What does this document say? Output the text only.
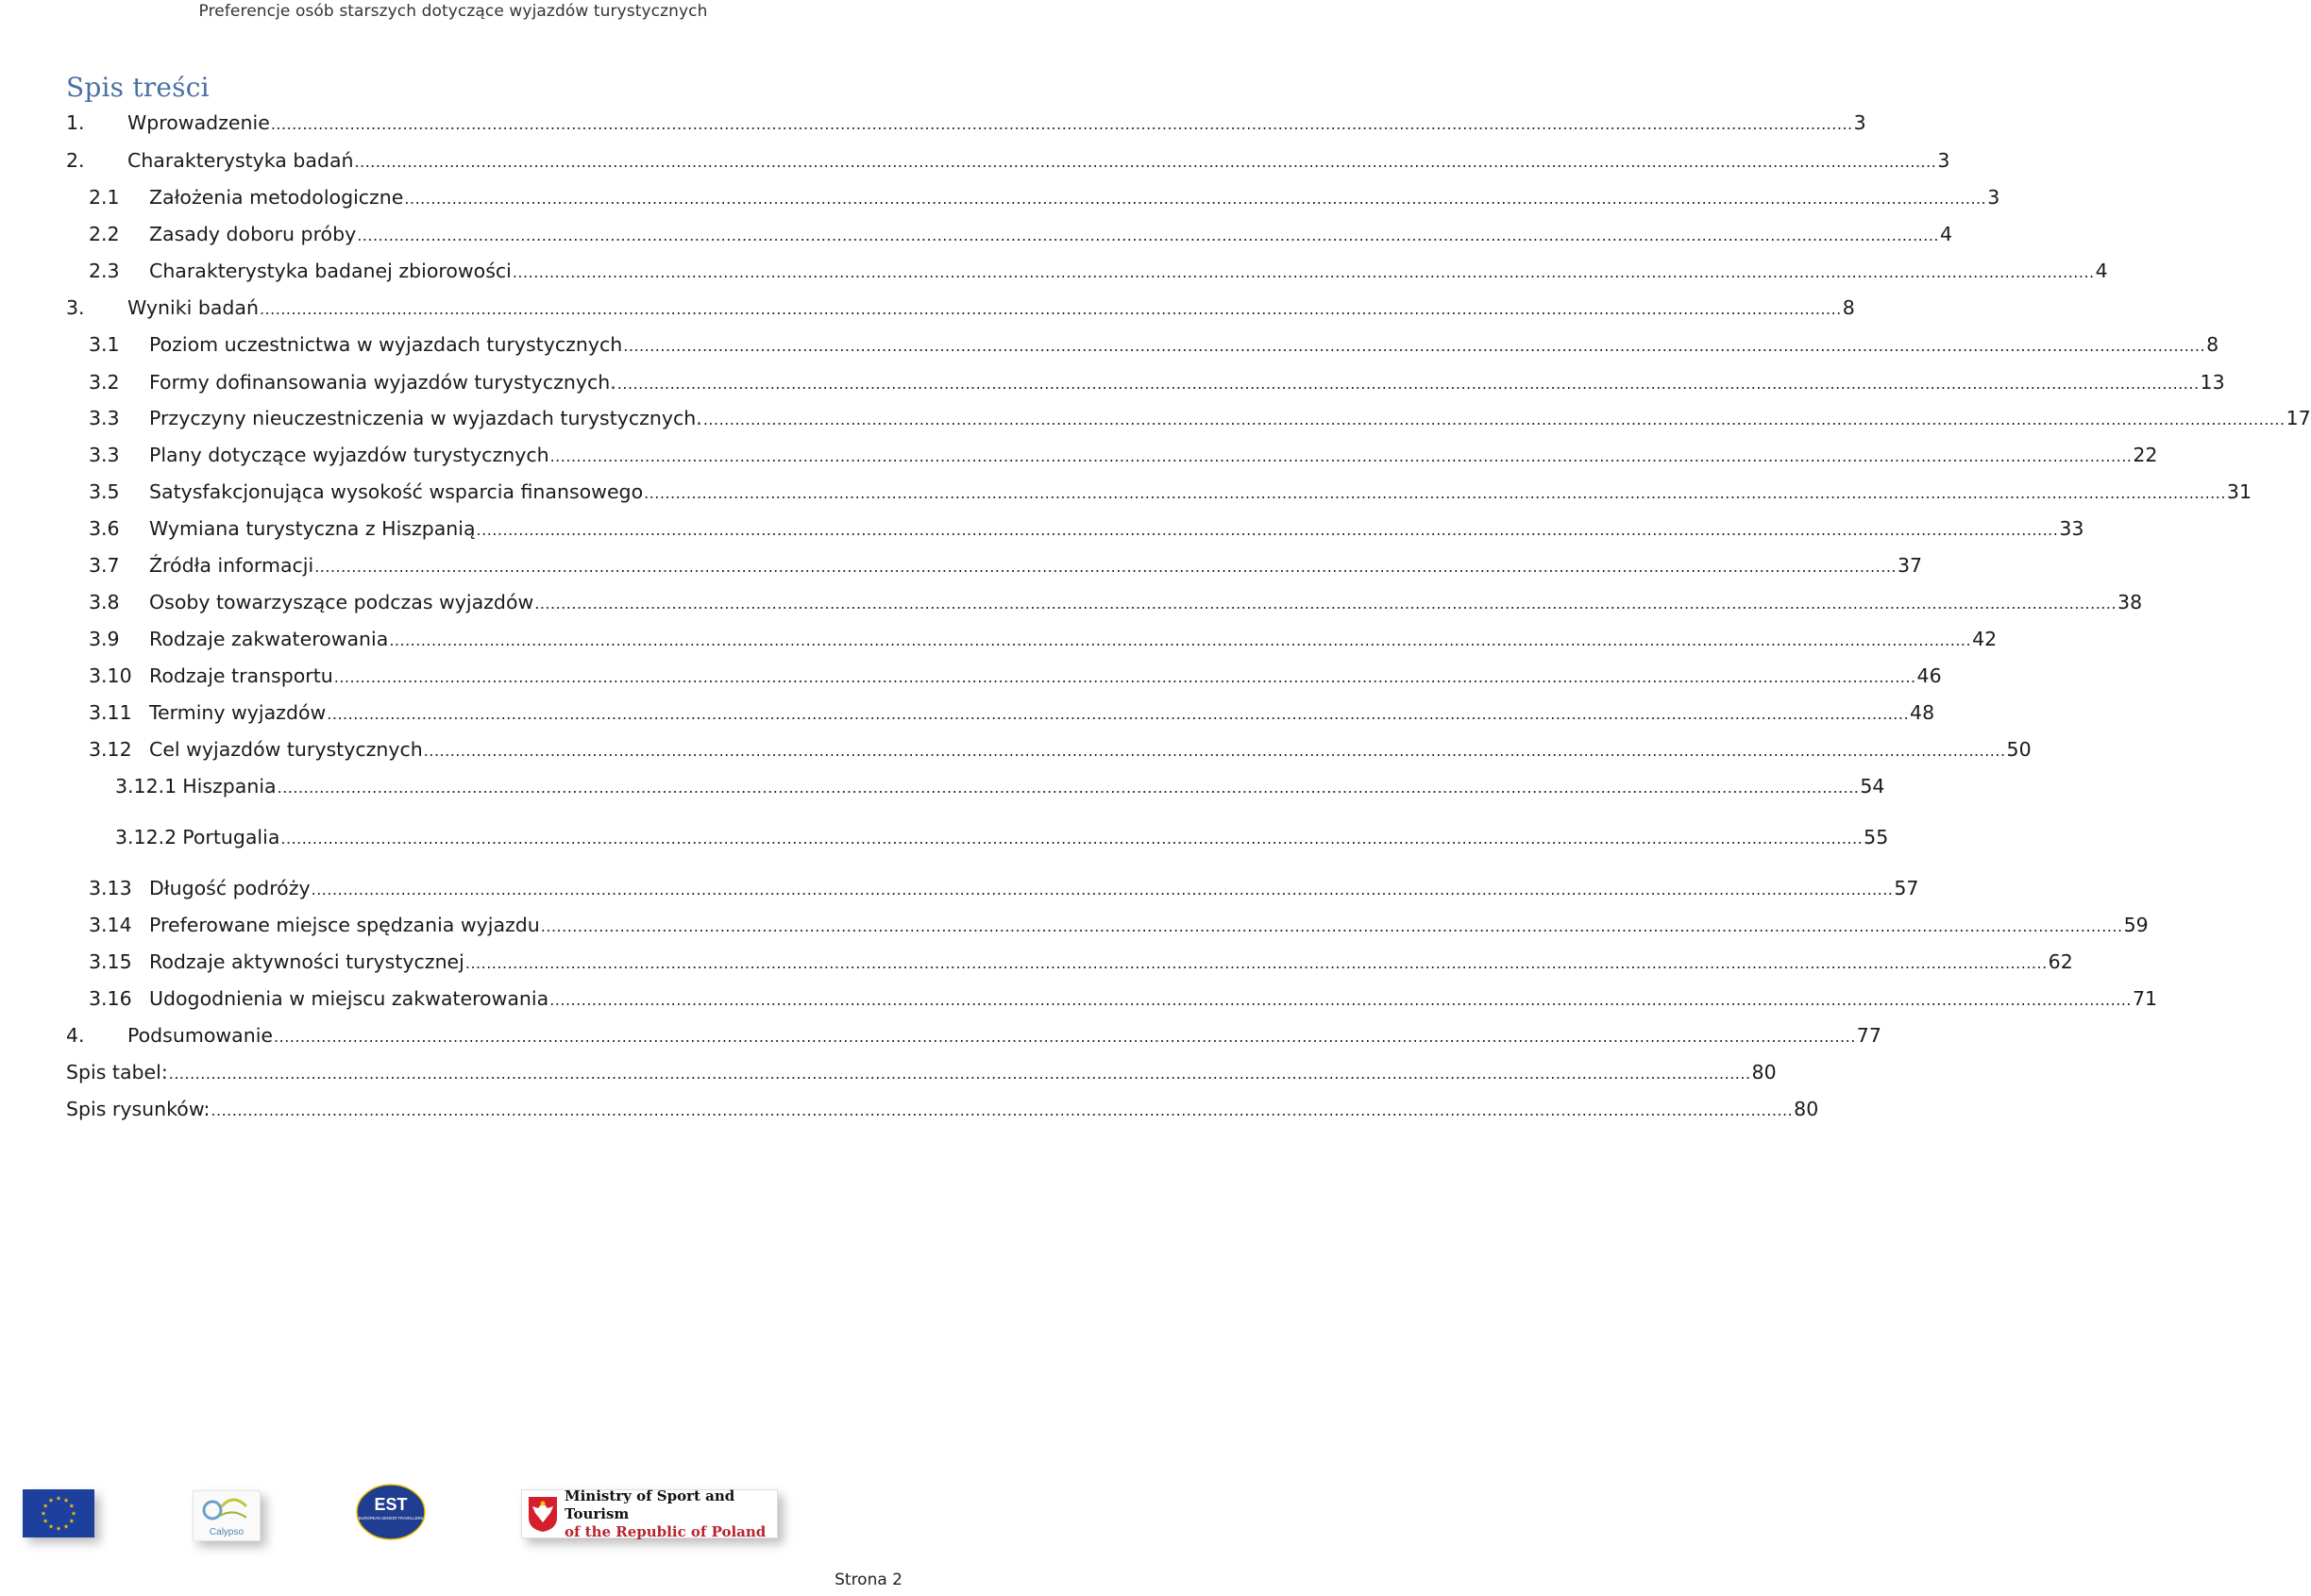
Preferencje osób starszych dotyczące wyjazdów turystycznych
Spis treści
1.	Wprowadzenie ............................................................................................................................................................................................................................................................................................................ 3
2.	Charakterystyka badań ............................................................................................................................................................................................................................................................................................................ 3
2.1	Założenia metodologiczne ............................................................................................................................................................................................................................................................................................................ 3
2.2	Zasady doboru próby ............................................................................................................................................................................................................................................................................................................ 4
2.3	Charakterystyka badanej zbiorowości ............................................................................................................................................................................................................................................................................................................ 4
3.	Wyniki badań ............................................................................................................................................................................................................................................................................................................ 8
3.1	Poziom uczestnictwa w wyjazdach turystycznych ............................................................................................................................................................................................................................................................................................................ 8
3.2	Formy dofinansowania wyjazdów turystycznych. ............................................................................................................................................................................................................................................................................................................ 13
3.3	Przyczyny nieuczestniczenia w wyjazdach turystycznych. ............................................................................................................................................................................................................................................................................................................ 17
3.3	Plany dotyczące wyjazdów turystycznych ............................................................................................................................................................................................................................................................................................................ 22
3.5	Satysfakcjonująca wysokość wsparcia finansowego ............................................................................................................................................................................................................................................................................................................ 31
3.6	Wymiana turystyczna z Hiszpanią ............................................................................................................................................................................................................................................................................................................ 33
3.7	Źródła informacji ............................................................................................................................................................................................................................................................................................................ 37
3.8	Osoby towarzyszące podczas wyjazdów ............................................................................................................................................................................................................................................................................................................ 38
3.9	Rodzaje zakwaterowania ............................................................................................................................................................................................................................................................................................................ 42
3.10 Rodzaje transportu ............................................................................................................................................................................................................................................................................................................ 46
3.11 Terminy wyjazdów ............................................................................................................................................................................................................................................................................................................ 48
3.12 Cel wyjazdów turystycznych ............................................................................................................................................................................................................................................................................................................ 50
3.12.1 Hiszpania ............................................................................................................................................................................................................................................................................................................ 54
3.12.2 Portugalia ............................................................................................................................................................................................................................................................................................................ 55
3.13 Długość podróży ............................................................................................................................................................................................................................................................................................................ 57
3.14 Preferowane miejsce spędzania wyjazdu ............................................................................................................................................................................................................................................................................................................ 59
3.15 Rodzaje aktywności turystycznej ............................................................................................................................................................................................................................................................................................................ 62
3.16 Udogodnienia w miejscu zakwaterowania ............................................................................................................................................................................................................................................................................................................ 71
4.	Podsumowanie ............................................................................................................................................................................................................................................................................................................ 77
Spis tabel: ............................................................................................................................................................................................................................................................................................................ 80
Spis rysunków: ............................................................................................................................................................................................................................................................................................................ 80
Calypso
EST
EUROPEAN SENIOR TRAVELLERS
Ministry of Sport and Tourism
of the Republic of Poland
Strona 2
